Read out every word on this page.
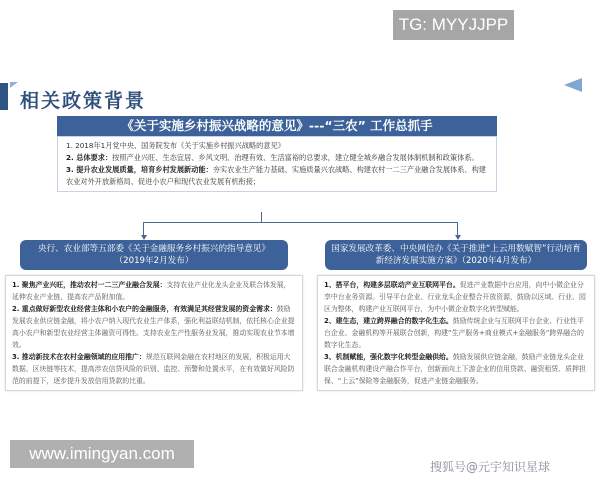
TG: MYYJJPP
相关政策背景
《关于实施乡村振兴战略的意见》---“三农” 工作总抓手
1. 2018年1月党中央、国务院发布《关于实施乡村振兴战略的意见》
2. 总体要求：按照产业兴旺、生态宜居、乡风文明、治理有效、生活富裕的总要求，建立健全城乡融合发展体制机制和政策体系。
3. 提升农业发展质量，培育乡村发展新动能：夯实农业生产能力基础、实施质量兴农战略、构建农村一二三产业融合发展体系、构建农业对外开放新格局、促进小农户和现代农业发展有机衔接；
央行、农业部等五部委《关于金融服务乡村振兴的指导意见》
（2019年2月发布）
1. 聚焦产业兴旺，推动农村一二三产业融合发展：支持农业产业化龙头企业及联合体发展，延伸农业产业链，提高农产品附加值。
2. 重点做好新型农业经营主体和小农户的金融服务，有效满足其经营发展的资金需求：鼓励发展农业供应链金融，将小农户纳入现代农业生产体系，强化利益联结机制，依托核心企业提高小农户和新型农业经营主体融资可得性。支持农业生产性服务业发展，推动实现农业节本增效。
3. 推动新技术在农村金融领域的应用推广：规范互联网金融在农村地区的发展，积极运用大数据、区块链等技术，提高涉农信贷风险的识别、监控、预警和处置水平，在有效做好风险防范的前提下，逐步提升发放信用贷款的比重。
国家发展改革委、中央网信办《关于推进“上云用数赋智”行动培育新经济发展实施方案》（2020年4月发布）
1、搭平台，构建多层联动产业互联网平台。促进产业数据中台应用，向中小微企业分享中台业务资源。引导平台企业、行业龙头企业整合开放资源，鼓励以区域、行业、园区为整体，构建产业互联网平台，为中小微企业数字化转型赋能。
2、建生态，建立跨界融合的数字化生态。鼓励传统企业与互联网平台企业、行业性平台企业、金融机构等开展联合创新，构建“生产服务+商业模式+金融服务”跨界融合的数字化生态。
3、机制赋能，强化数字化转型金融供给。鼓励发展供应链金融，鼓励产业链龙头企业联合金融机构建设产融合作平台，创新面向上下游企业的信用贷款、融资租赁、质押担保、“上云”保险等金融服务，促进产业链金融服务。
搜狐号@元宇知识星球
www.imingyan.com
